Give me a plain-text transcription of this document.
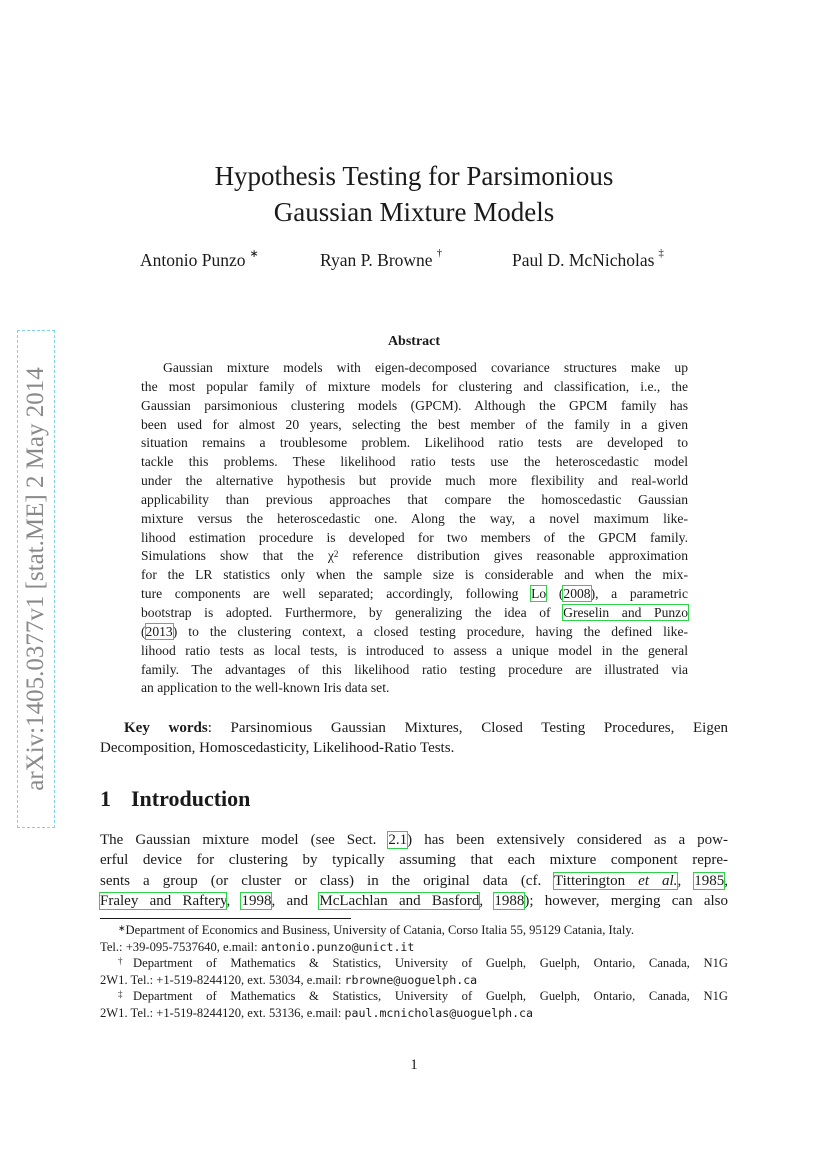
arXiv:1405.0377v1 [stat.ME] 2 May 2014
Hypothesis Testing for Parsimonious
Gaussian Mixture Models
Antonio Punzo ∗	Ryan P. Browne †	Paul D. McNicholas ‡
Abstract
Gaussian mixture models with eigen-decomposed covariance structures make up
the most popular family of mixture models for clustering and classification, i.e., the
Gaussian parsimonious clustering models (GPCM). Although the GPCM family has
been used for almost 20 years, selecting the best member of the family in a given
situation remains a troublesome problem. Likelihood ratio tests are developed to
tackle this problems. These likelihood ratio tests use the heteroscedastic model
under the alternative hypothesis but provide much more flexibility and real-world
applicability than previous approaches that compare the homoscedastic Gaussian
mixture versus the heteroscedastic one. Along the way, a novel maximum like-
lihood estimation procedure is developed for two members of the GPCM family.
Simulations show that the $\chi^2$ reference distribution gives reasonable approximation
for the LR statistics only when the sample size is considerable and when the mix-
ture components are well separated; accordingly, following Lo (2008), a parametric
bootstrap is adopted. Furthermore, by generalizing the idea of Greselin and Punzo
(2013) to the clustering context, a closed testing procedure, having the defined like-
lihood ratio tests as local tests, is introduced to assess a unique model in the general
family. The advantages of this likelihood ratio testing procedure are illustrated via
an application to the well-known Iris data set.
Key words: Parsinomious Gaussian Mixtures, Closed Testing Procedures, Eigen
Decomposition, Homoscedasticity, Likelihood-Ratio Tests.
1 Introduction
The Gaussian mixture model (see Sect. 2.1) has been extensively considered as a pow-
erful device for clustering by typically assuming that each mixture component repre-
sents a group (or cluster or class) in the original data (cf. Titterington et al., 1985,
Fraley and Raftery, 1998, and McLachlan and Basford, 1988); however, merging can also
∗Department of Economics and Business, University of Catania, Corso Italia 55, 95129 Catania, Italy.
Tel.: +39-095-7537640, e.mail: antonio.punzo@unict.it
†Department of Mathematics & Statistics, University of Guelph, Guelph, Ontario, Canada, N1G
2W1. Tel.: +1-519-8244120, ext. 53034, e.mail: rbrowne@uoguelph.ca
‡Department of Mathematics & Statistics, University of Guelph, Guelph, Ontario, Canada, N1G
2W1. Tel.: +1-519-8244120, ext. 53136, e.mail: paul.mcnicholas@uoguelph.ca
1
